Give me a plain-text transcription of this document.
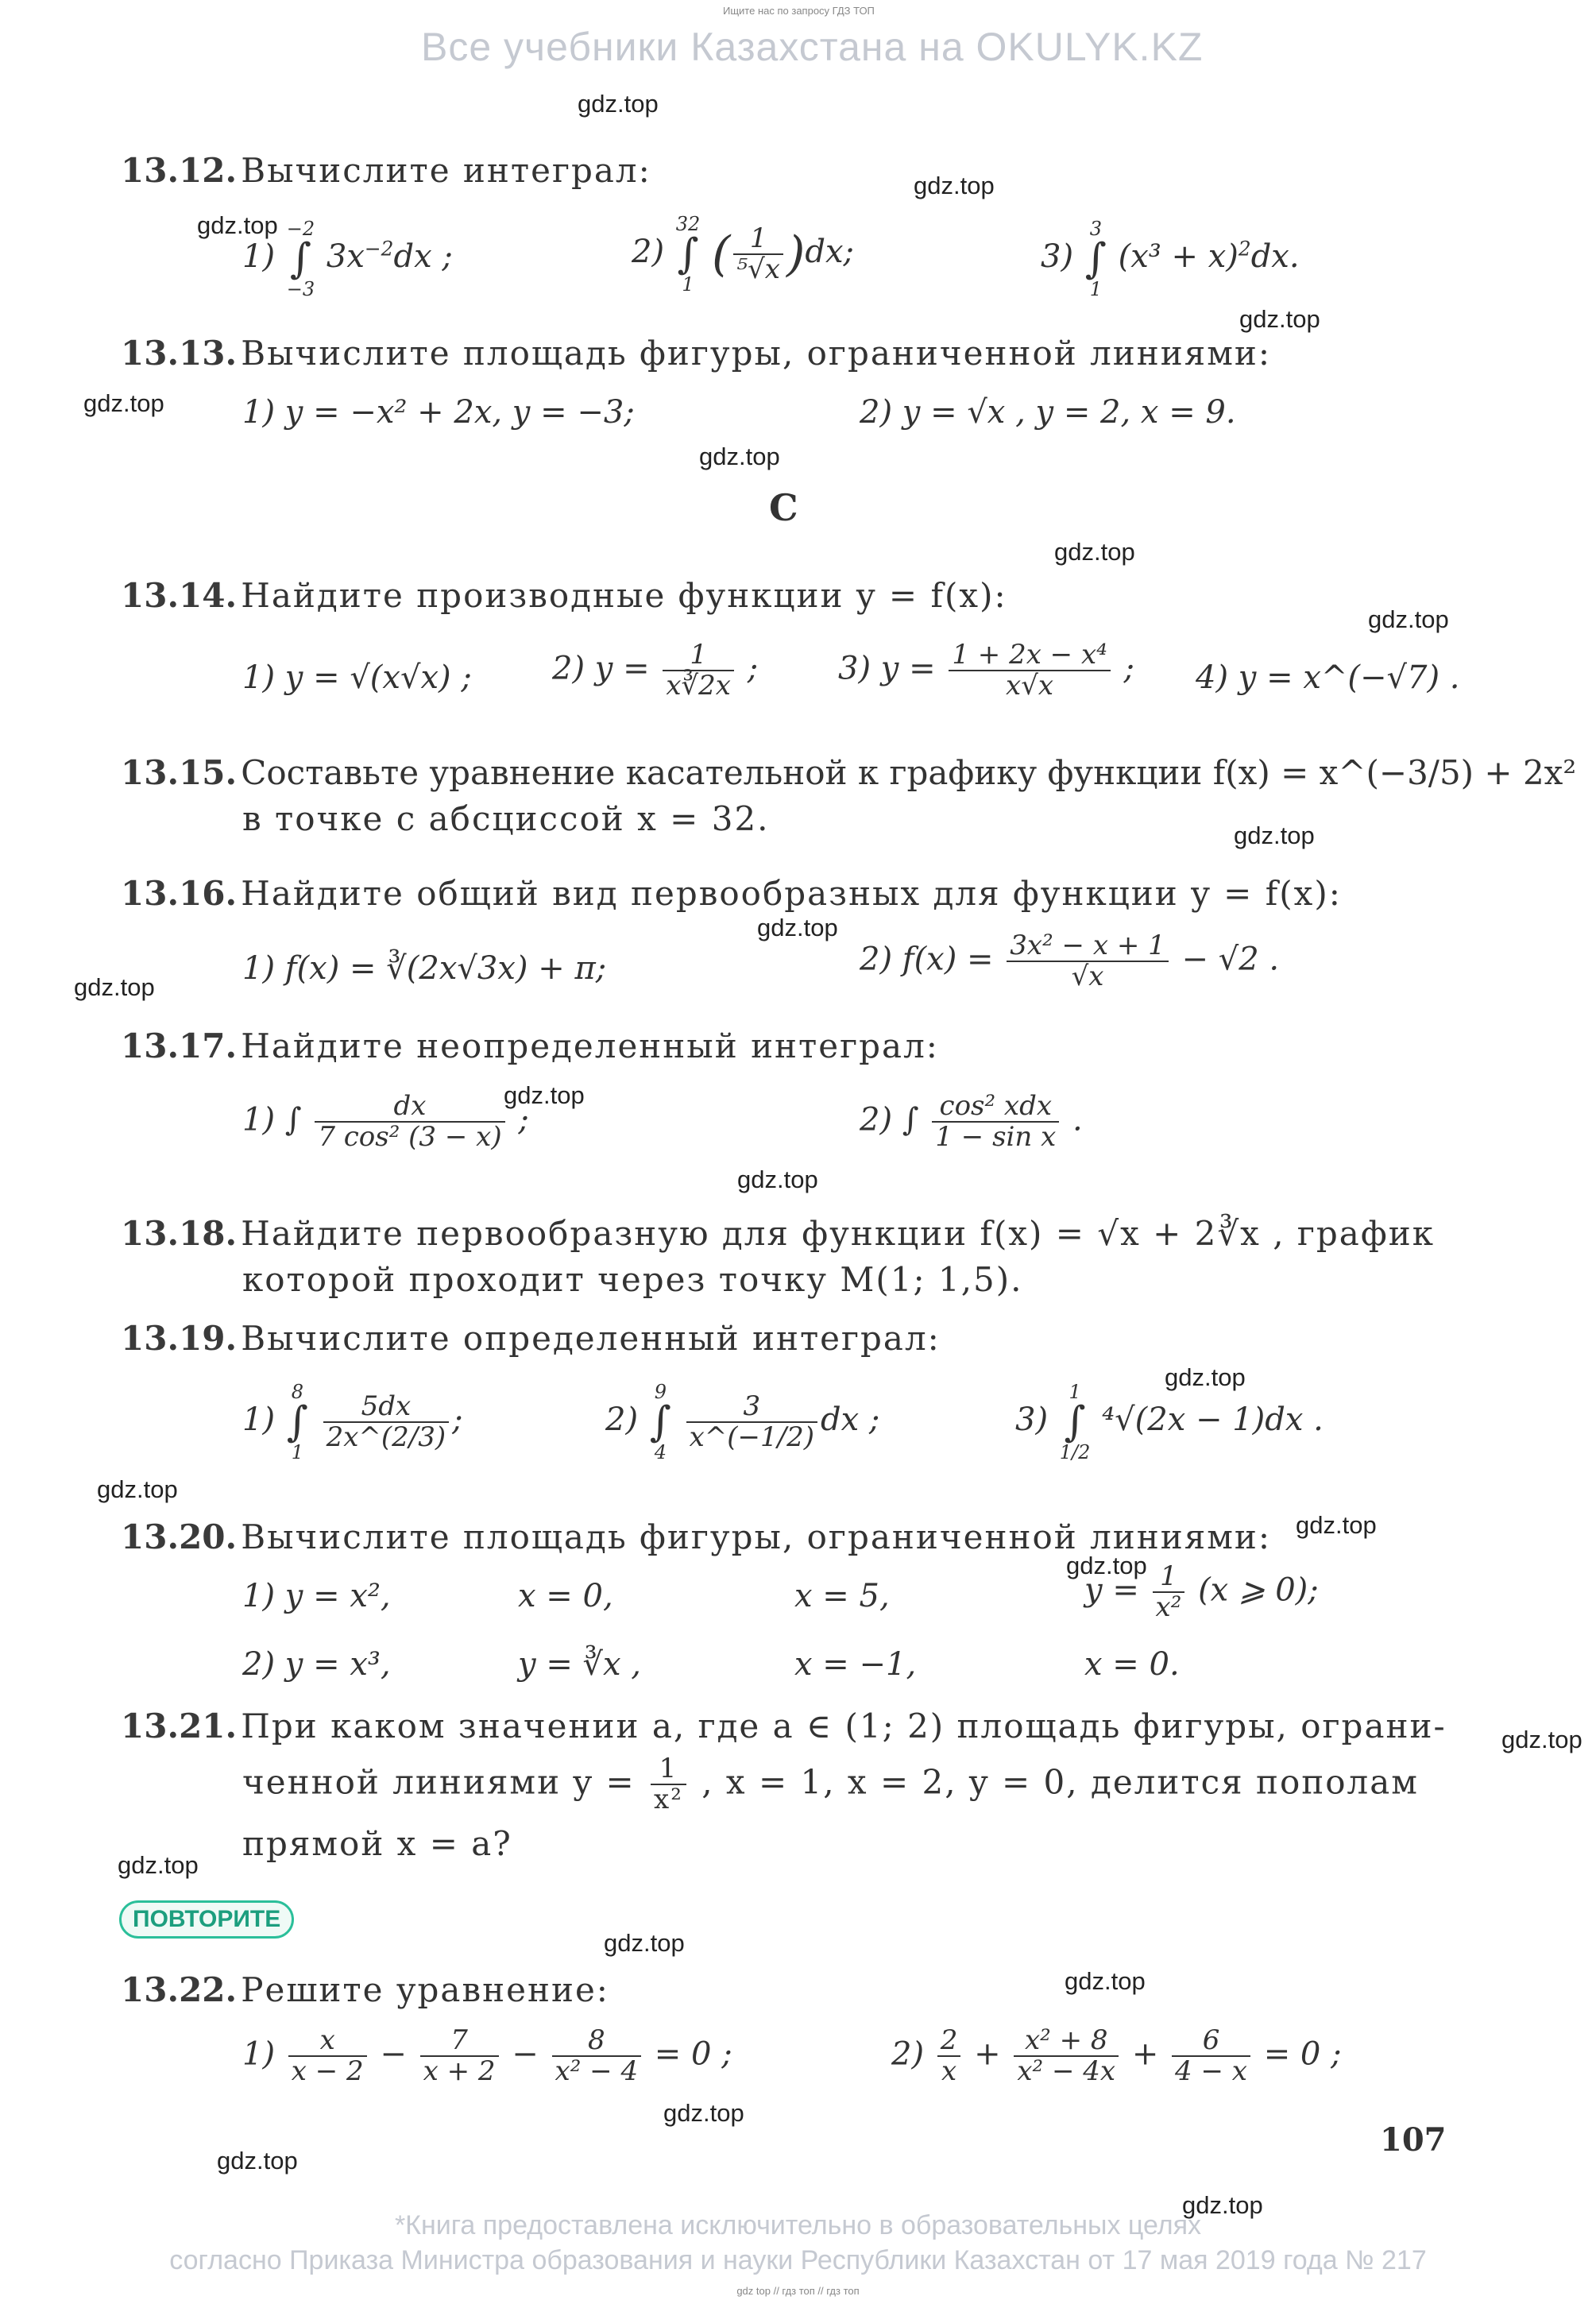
Ищите нас по запросу ГДЗ ТОП
Все учебники Казахстана на OKULYK.KZ
gdz.top
gdz.top
gdz.top
gdz.top
gdz.top
gdz.top
gdz.top
gdz.top
gdz.top
gdz.top
gdz.top
gdz.top
gdz.top
gdz.top
gdz.top
gdz.top
gdz.top
gdz.top
gdz.top
gdz.top
gdz.top
gdz.top
gdz.top
gdz.top
13.12. Вычислите интеграл:
1) −2
∫
−3 $3x^{-2}dx$ ;	2) 32
∫
1 ( $\frac{1}{\text{⁵√x}} )dx$;	3) 3
∫
1 $(x^3 + x)^2dx$.
13.13. Вычислите площадь фигуры, ограниченной линиями:
1) y = −x² + 2x, y = −3;	2) y = √x , y = 2, x = 9.
С
13.14. Найдите производные функции y = f(x):
1) y = √(x√x) ;	2) $y = \frac{1}{x∛2x}$ ;	3) $y = \frac{\text{1 + 2x − x⁴}}{x√x}$ ; 4) y = x^(−√7) .
13.15. Составьте уравнение касательной к графику функции f(x) = x^(−3/5) + 2x²
в точке с абсциссой x = 32.
13.16. Найдите общий вид первообразных для функции y = f(x):
1) f(x) = ∛(2x√3x) + π;	2) $f(x) = \frac{\text{3x² − x + 1}}{√x} - √2$ .
13.17. Найдите неопределенный интеграл:
1) ∫ $\frac{dx}{\text{7 cos² (3 − x)}}$ ;	2) ∫ $\frac{\text{cos² xdx}}{\text{1 − sin x}}$ .
13.18. Найдите первообразную для функции f(x) = √x + 2∛x , график
которой проходит через точку M(1; 1,5).
13.19. Вычислите определенный интеграл:
1) 8
∫
$1 \frac{5dx}{2x\^{}(2/3)}$ ;	2) 9
∫
$4 \frac{3}{x\^{}(-1/2)}$ dx ;	3) 1
∫
1/2 ⁴√(2x − 1)dx .
13.20. Вычислите площадь фигуры, ограниченной линиями:
1) y = x²,	x = 0,	x = 5,	$y = \frac{1}{\text{x²}} (x$ ⩾ 0);
2) y = x³,	y = ∛x ,	x = −1,	x = 0.
13.21. При каком значении a, где a ∈ (1; 2) площадь фигуры, ограни-
ченной линиями $y = \frac{1}{\text{x²}}$ , x = 1, x = 2, y = 0, делится пополам
прямой x = a?
ПОВТОРИТЕ
13.22. Решите уравнение:
$1) \frac{x}{x - 2} - \frac{7}{x + 2} - \frac{8}{\text{x² − 4}} = 0$ ;	$2) \frac{2}{x} + \frac{\text{x² + 8}}{\text{x² − 4x}} + \frac{6}{4 - x} = 0$ ;
107
*Книга предоставлена исключительно в образовательных целях
согласно Приказа Министра образования и науки Республики Казахстан от 17 мая 2019 года № 217
gdz top // гдз топ // гдз топ
